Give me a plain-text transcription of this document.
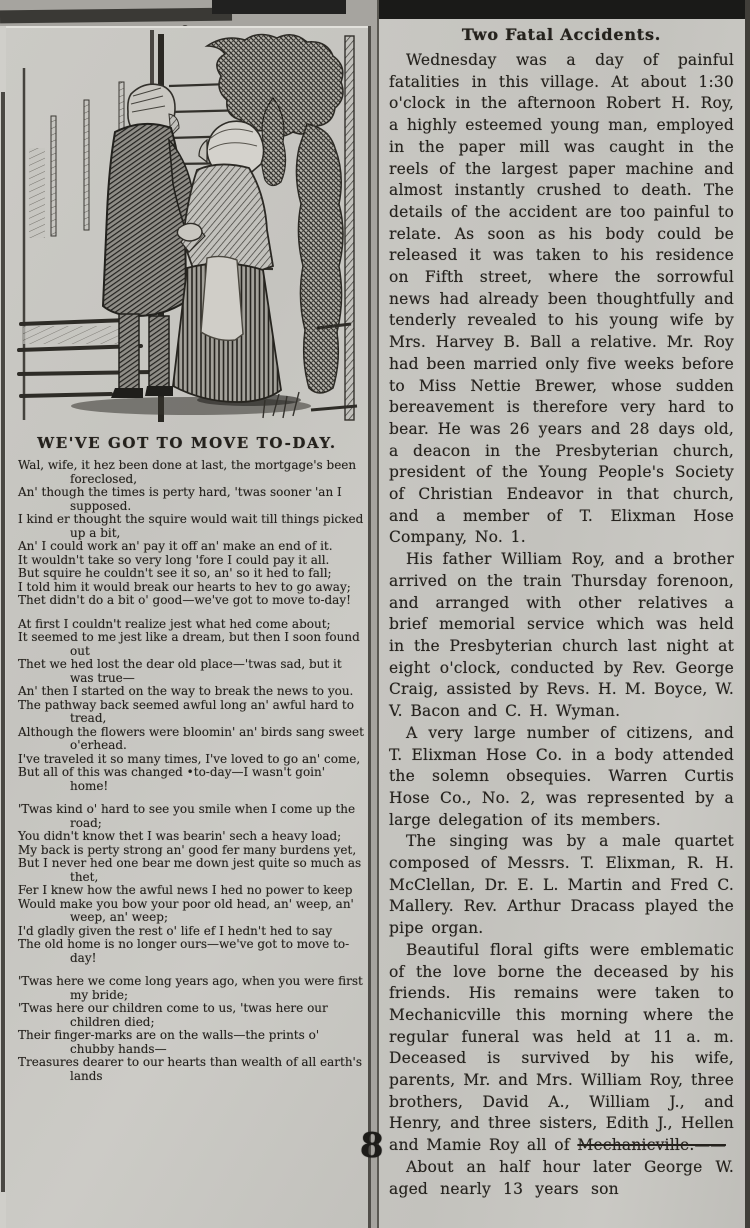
WE'VE GOT TO MOVE TO-DAY.
Wal, wife, it hez been done at last, the mortgage's been foreclosed,
An' though the times is perty hard, 'twas sooner 'an I supposed.
I kind er thought the squire would wait till things picked up a bit,
An' I could work an' pay it off an' make an end of it.
It wouldn't take so very long 'fore I could pay it all.
But squire he couldn't see it so, an' so it hed to fall;
I told him it would break our hearts to hev to go away;
Thet didn't do a bit o' good—we've got to move to-day!
At first I couldn't realize jest what hed come about;
It seemed to me jest like a dream, but then I soon found out
Thet we hed lost the dear old place—'twas sad, but it was true—
An' then I started on the way to break the news to you.
The pathway back seemed awful long an' awful hard to tread,
Although the flowers were bloomin' an' birds sang sweet o'erhead.
I've traveled it so many times, I've loved to go an' come,
But all of this was changed •to-day—I wasn't goin' home!
'Twas kind o' hard to see you smile when I come up the road;
You didn't know thet I was bearin' sech a heavy load;
My back is perty strong an' good fer many burdens yet,
But I never hed one bear me down jest quite so much as thet,
Fer I knew how the awful news I hed no power to keep
Would make you bow your poor old head, an' weep, an' weep, an' weep;
I'd gladly given the rest o' life ef I hedn't hed to say
The old home is no longer ours—we've got to move to-day!
'Twas here we come long years ago, when you were first my bride;
'Twas here our children come to us, 'twas here our children died;
Their finger-marks are on the walls—the prints o' chubby hands—
Treasures dearer to our hearts than wealth of all earth's lands
Two Fatal Accidents.

Wednesday was a day of painful fatalities in this village. At about 1:30 o'clock in the afternoon Robert H. Roy, a highly esteemed young man, employed in the paper mill was caught in the reels of the largest paper machine and almost instantly crushed to death. The details of the accident are too painful to relate. As soon as his body could be released it was taken to his residence on Fifth street, where the sorrowful news had already been thoughtfully and tenderly revealed to his young wife by Mrs. Harvey B. Ball a relative. Mr. Roy had been married only five weeks before to Miss Nettie Brewer, whose sudden bereavement is therefore very hard to bear. He was 26 years and 28 days old, a deacon in the Presbyterian church, president of the Young People's Society of Christian Endeavor in that church, and a member of T. Elixman Hose Company, No. 1.

His father William Roy, and a brother arrived on the train Thursday forenoon, and arranged with other relatives a brief memorial service which was held in the Presbyterian church last night at eight o'clock, conducted by Rev. George Craig, assisted by Revs. H. M. Boyce, W. V. Bacon and C. H. Wyman.

A very large number of citizens, and T. Elixman Hose Co. in a body attended the solemn obsequies. Warren Curtis Hose Co., No. 2, was represented by a large delegation of its members.

The singing was by a male quartet composed of Messrs. T. Elixman, R. H. McClellan, Dr. E. L. Martin and Fred C. Mallery. Rev. Arthur Dracass played the pipe organ.

Beautiful floral gifts were emblematic of the love borne the deceased by his friends. His remains were taken to Mechanicville this morning where the regular funeral was held at 11 a. m. Deceased is survived by his wife, parents, Mr. and Mrs. William Roy, three brothers, David A., William J., and Henry, and three sisters, Edith J., Hellen and Mamie Roy all of Mechanicville.——

About an half hour later George W. aged nearly 13 years son

8
